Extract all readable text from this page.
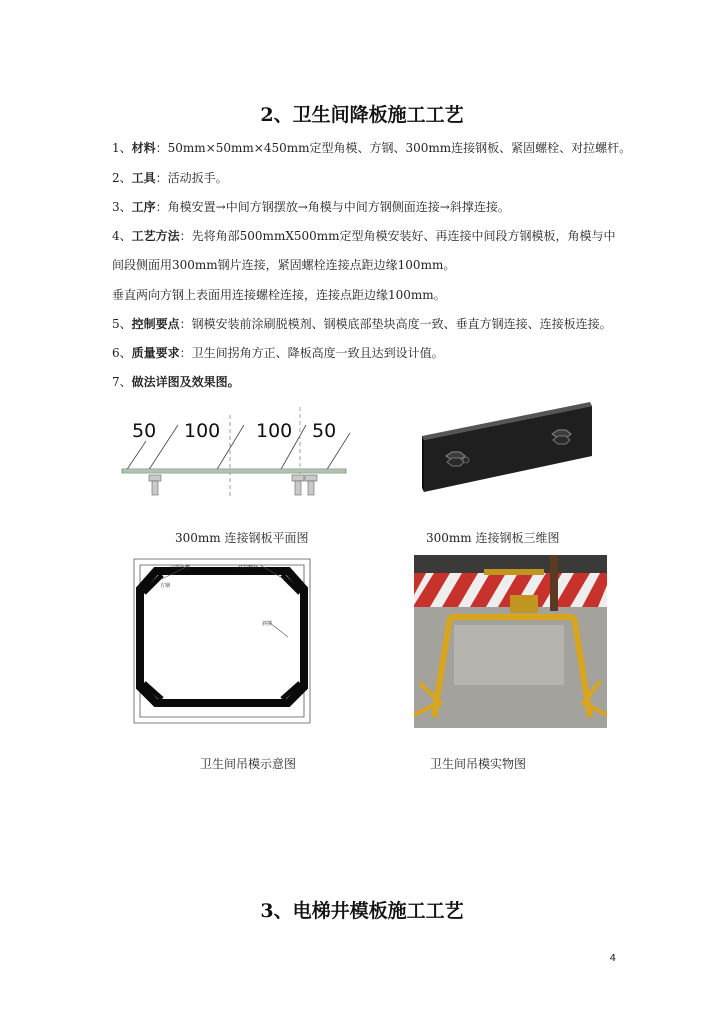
2、卫生间降板施工工艺
1、材料：50mm×50mm×450mm定型角模、方钢、300mm连接钢板、紧固螺栓、对拉螺杆。
2、工具：活动扳手。
3、工序：角模安置→中间方钢摆放→角模与中间方钢侧面连接→斜撑连接。
4、工艺方法：先将角部500mmX500mm定型角模安装好、再连接中间段方钢模板，角模与中
间段侧面用300mm钢片连接，紧固螺栓连接点距边缘100mm。
垂直两向方钢上表面用连接螺栓连接，连接点距边缘100mm。
5、控制要点：钢模安装前涂刷脱模剂、钢模底部垫块高度一致、垂直方钢连接、连接板连接。
6、质量要求：卫生间拐角方正、降板高度一致且达到设计值。
7、做法详图及效果图。
50 100 100 50
300mm 连接钢板平面图	300mm 连接钢板三维图
定型角模
方钢
对拉螺杆
斜撑
卫生间吊模示意图	卫生间吊模实物图
3、电梯井模板施工工艺
4
